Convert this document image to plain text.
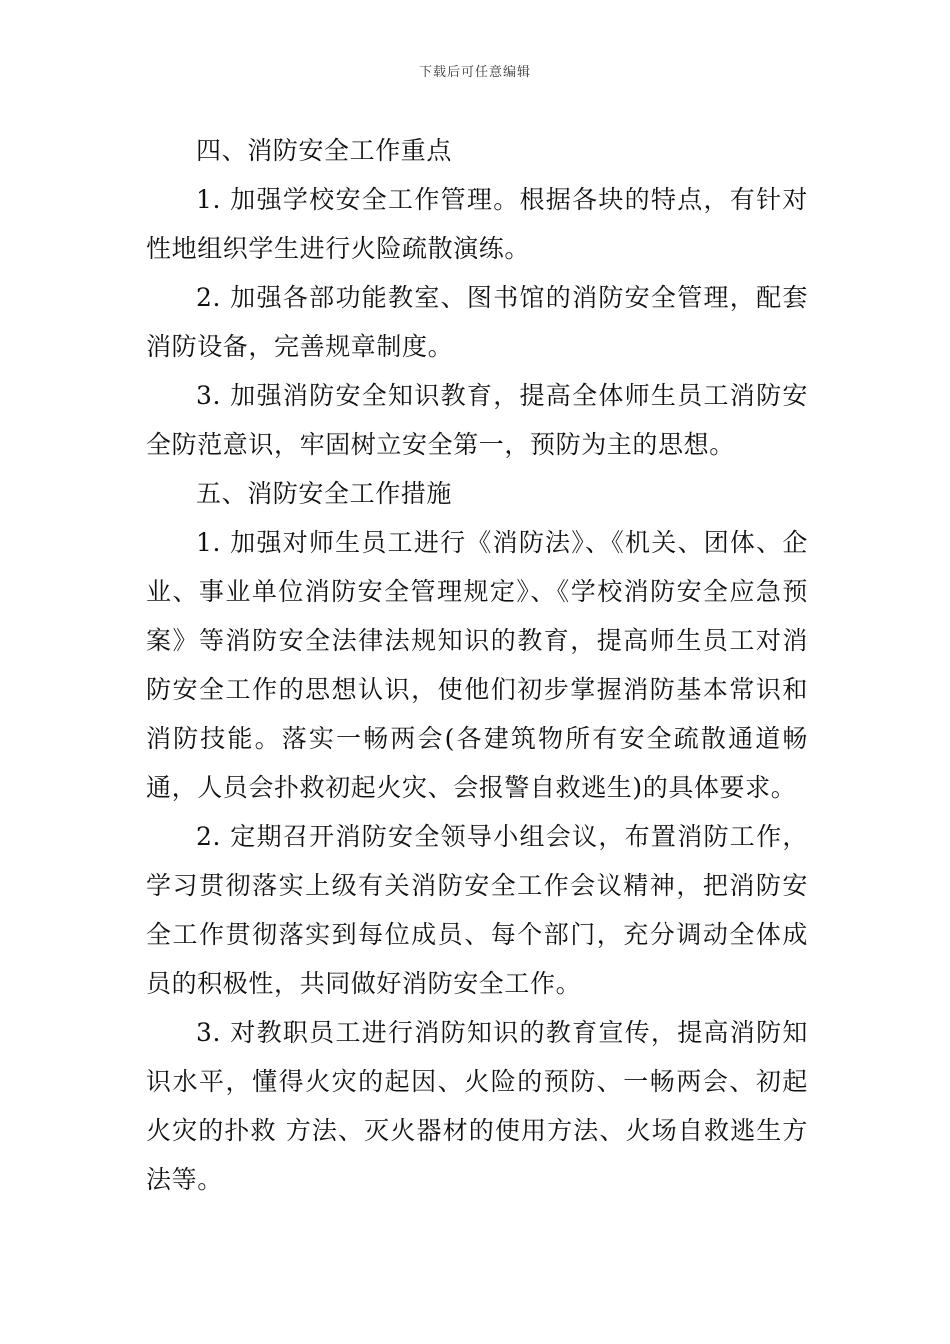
下载后可任意编辑

四、消防安全工作重点

1. 加强学校安全工作管理。根据各块的特点，有针对性地组织学生进行火险疏散演练。

2. 加强各部功能教室、图书馆的消防安全管理，配套消防设备，完善规章制度。

3. 加强消防安全知识教育，提高全体师生员工消防安全防范意识，牢固树立安全第一，预防为主的思想。

五、消防安全工作措施

1. 加强对师生员工进行《消防法》、《机关、团体、企业、事业单位消防安全管理规定》、《学校消防安全应急预案》等消防安全法律法规知识的教育，提高师生员工对消防安全工作的思想认识，使他们初步掌握消防基本常识和消防技能。落实一畅两会(各建筑物所有安全疏散通道畅通，人员会扑救初起火灾、会报警自救逃生)的具体要求。

2. 定期召开消防安全领导小组会议，布置消防工作，学习贯彻落实上级有关消防安全工作会议精神，把消防安全工作贯彻落实到每位成员、每个部门，充分调动全体成员的积极性，共同做好消防安全工作。

3. 对教职员工进行消防知识的教育宣传，提高消防知识水平，懂得火灾的起因、火险的预防、一畅两会、初起火灾的扑救 方法、灭火器材的使用方法、火场自救逃生方法等。
